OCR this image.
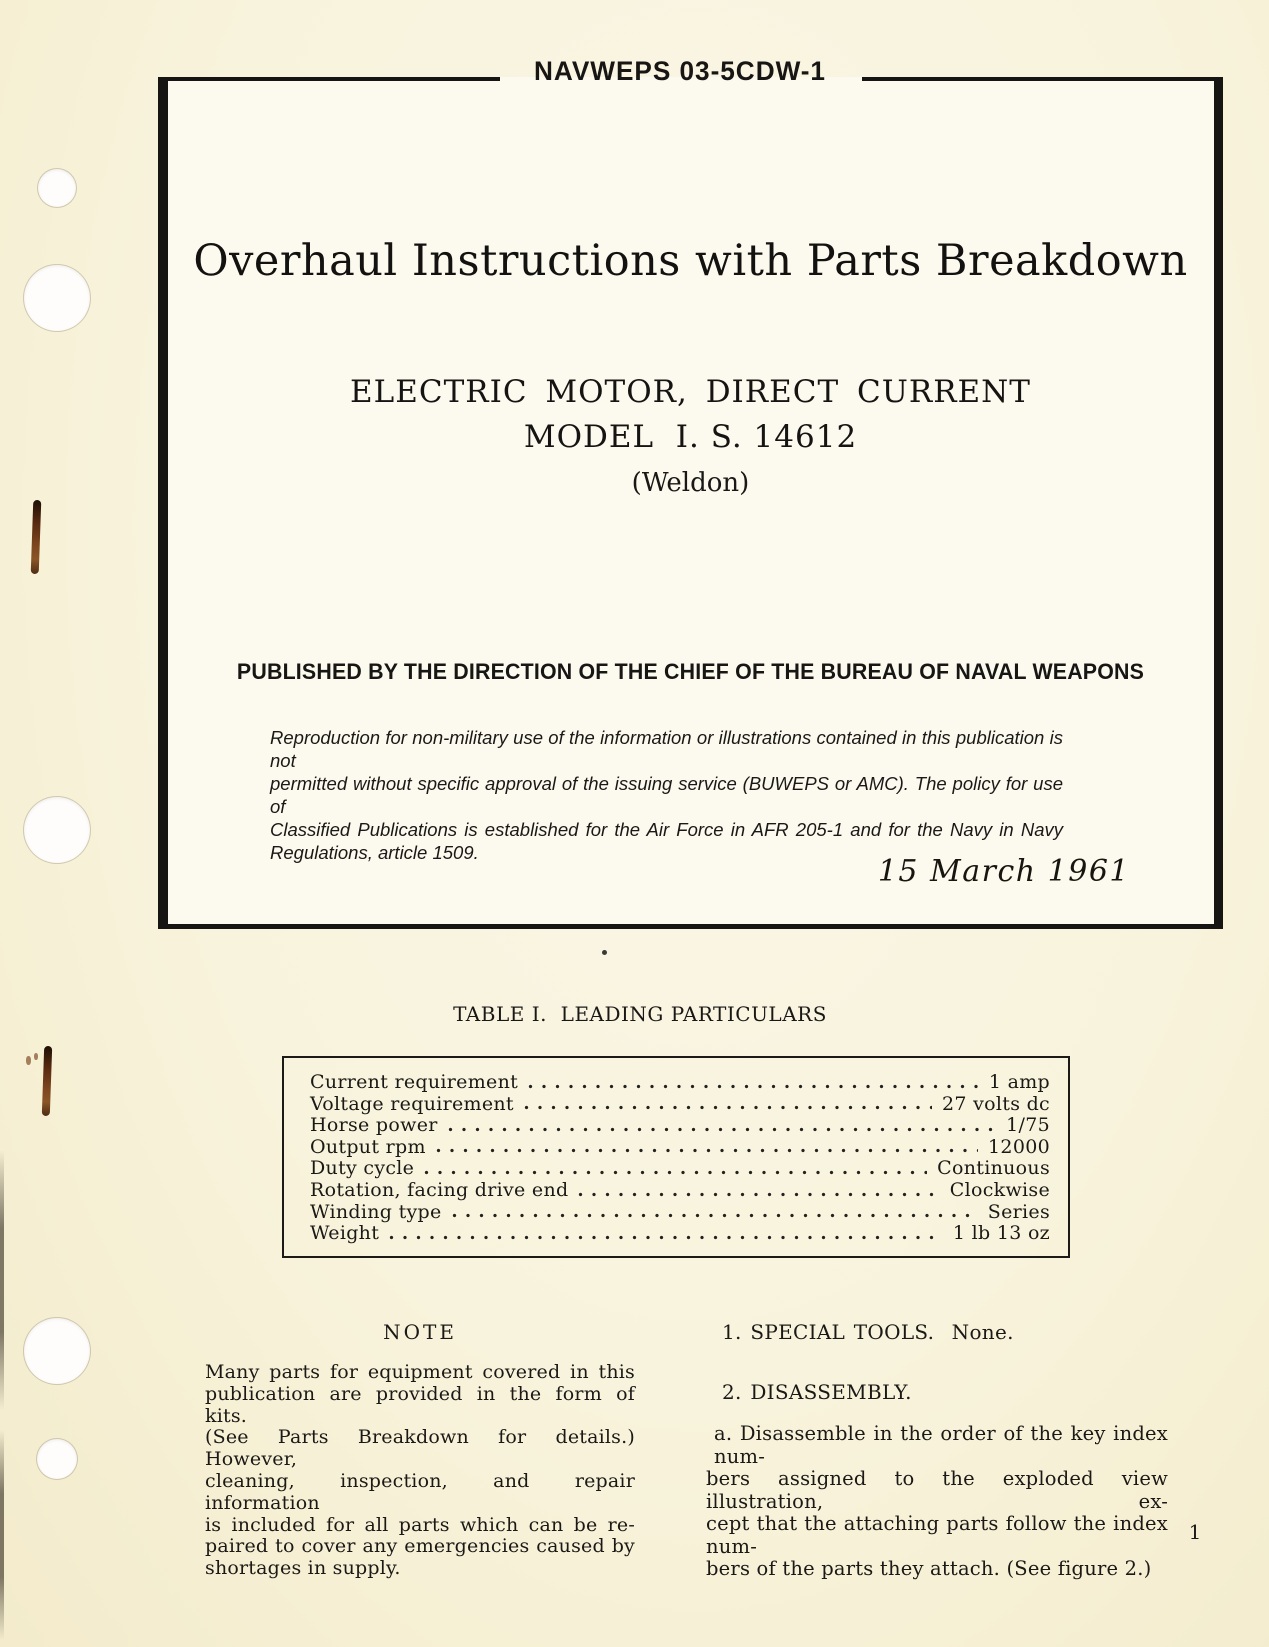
NAVWEPS 03-5CDW-1
Overhaul Instructions with Parts Breakdown
ELECTRIC MOTOR, DIRECT CURRENT
MODEL  I. S. 14612
(Weldon)
PUBLISHED BY THE DIRECTION OF THE CHIEF OF THE BUREAU OF NAVAL WEAPONS
Reproduction for non-military use of the information or illustrations contained in this publication is not
permitted without specific approval of the issuing service (BUWEPS or AMC). The policy for use of
Classified Publications is established for the Air Force in AFR 205-1 and for the Navy in Navy
Regulations, article 1509.
15 March 1961
TABLE I.  LEADING PARTICULARS
Current requirement	1 amp
Voltage requirement	27 volts dc
Horse power	1/75
Output rpm	12000
Duty cycle	Continuous
Rotation, facing drive end	Clockwise
Winding type	Series
Weight	1 lb 13 oz
NOTE
Many parts for equipment covered in this
publication are provided in the form of kits.
(See Parts Breakdown for details.) However,
cleaning, inspection, and repair information
is included for all parts which can be re-
paired to cover any emergencies caused by
shortages in supply.
1. SPECIAL TOOLS.  None.
2. DISASSEMBLY.
a. Disassemble in the order of the key index num-
bers assigned to the exploded view illustration, ex-
cept that the attaching parts follow the index num-
bers of the parts they attach. (See figure 2.)
1
